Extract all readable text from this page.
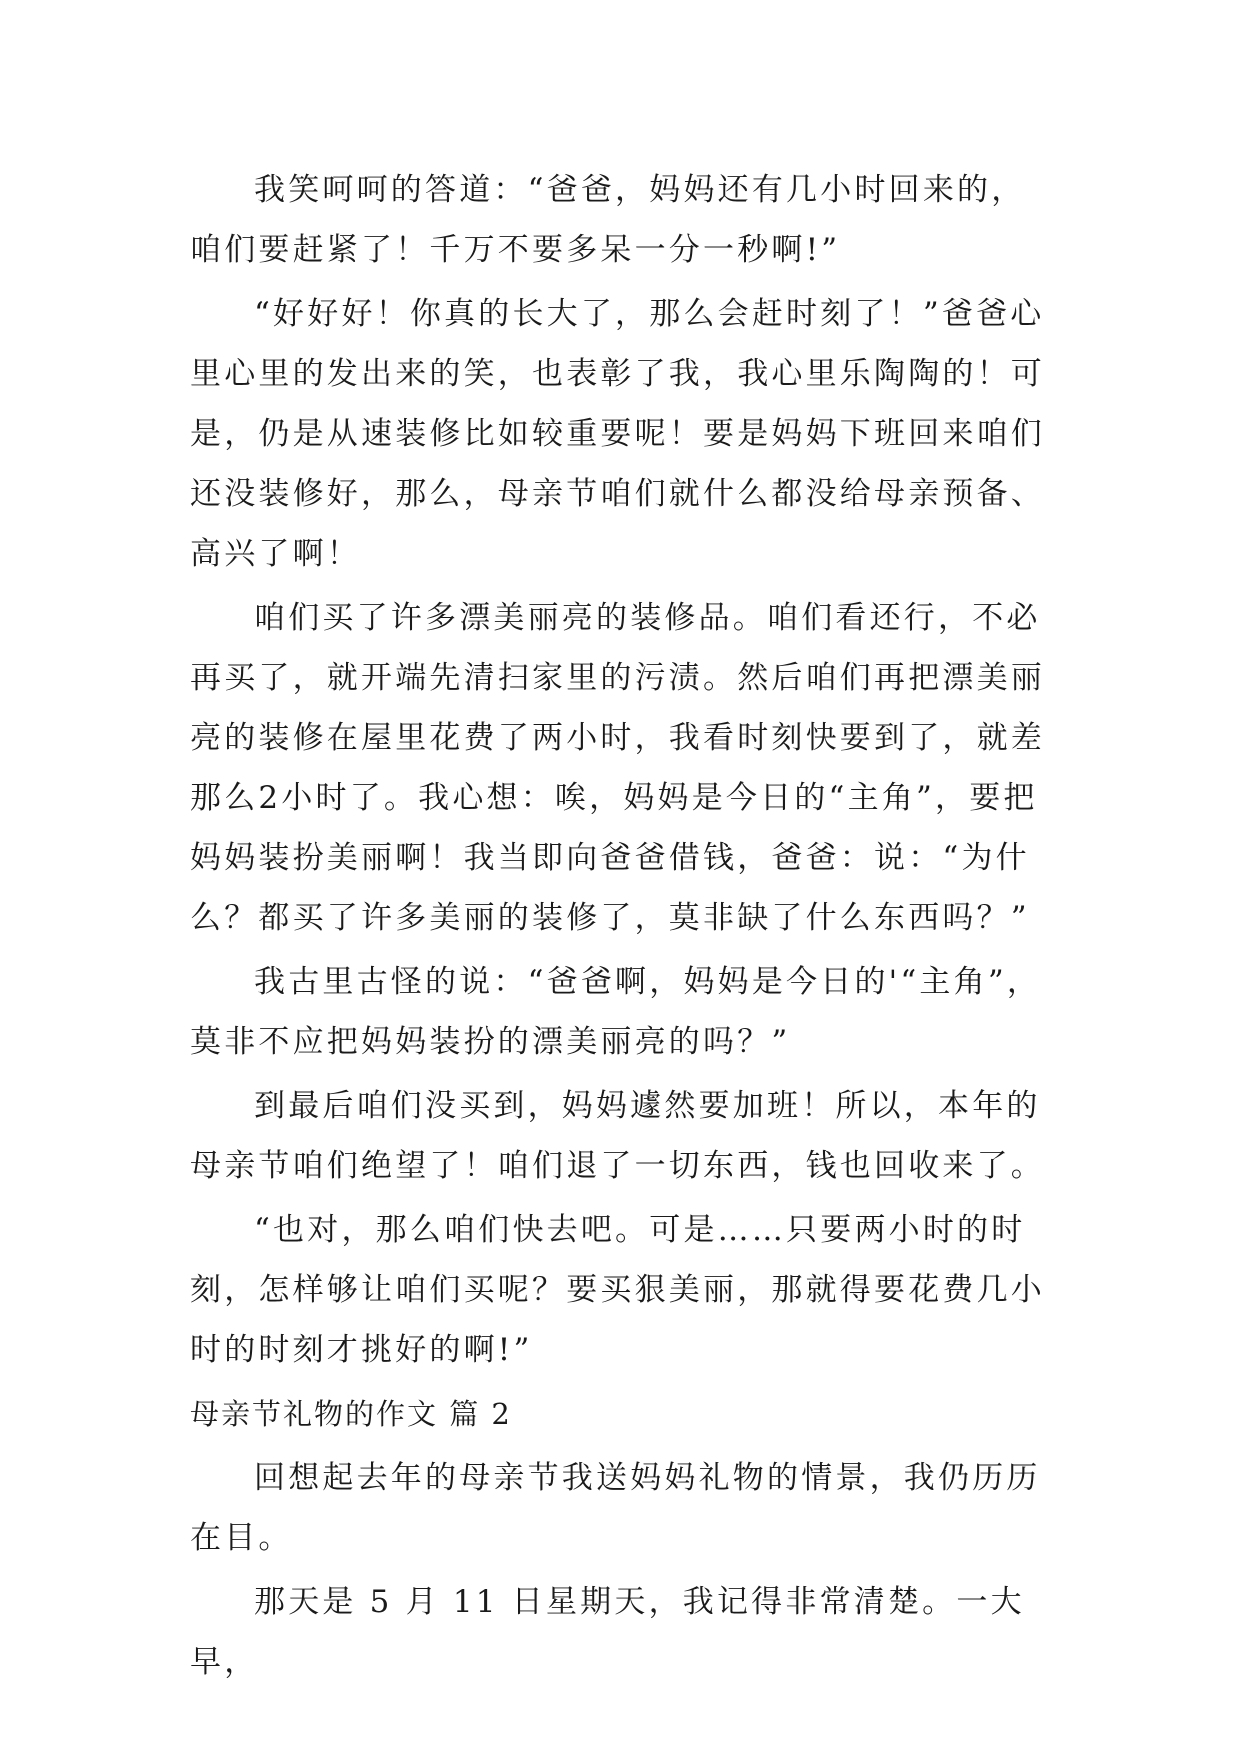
我笑呵呵的答道：“爸爸，妈妈还有几小时回来的，咱们要赶紧了！千万不要多呆一分一秒啊!”

“好好好！你真的长大了，那么会赶时刻了！”爸爸心里心里的发出来的笑，也表彰了我，我心里乐陶陶的！可是，仍是从速装修比如较重要呢！要是妈妈下班回来咱们还没装修好，那么，母亲节咱们就什么都没给母亲预备、高兴了啊！

咱们买了许多漂美丽亮的装修品。咱们看还行，不必再买了，就开端先清扫家里的污渍。然后咱们再把漂美丽亮的装修在屋里花费了两小时，我看时刻快要到了，就差那么2小时了。我心想：唉，妈妈是今日的“主角”，要把妈妈装扮美丽啊！我当即向爸爸借钱，爸爸：说：“为什么？都买了许多美丽的装修了，莫非缺了什么东西吗？”

我古里古怪的说：“爸爸啊，妈妈是今日的'“主角”，莫非不应把妈妈装扮的漂美丽亮的吗？”

到最后咱们没买到，妈妈遽然要加班！所以，本年的母亲节咱们绝望了！咱们退了一切东西，钱也回收来了。

“也对，那么咱们快去吧。可是……只要两小时的时刻，怎样够让咱们买呢？要买狠美丽，那就得要花费几小时的时刻才挑好的啊!”

母亲节礼物的作文 篇 2

回想起去年的母亲节我送妈妈礼物的情景，我仍历历在目。

那天是 5 月 11 日星期天，我记得非常清楚。一大早，
